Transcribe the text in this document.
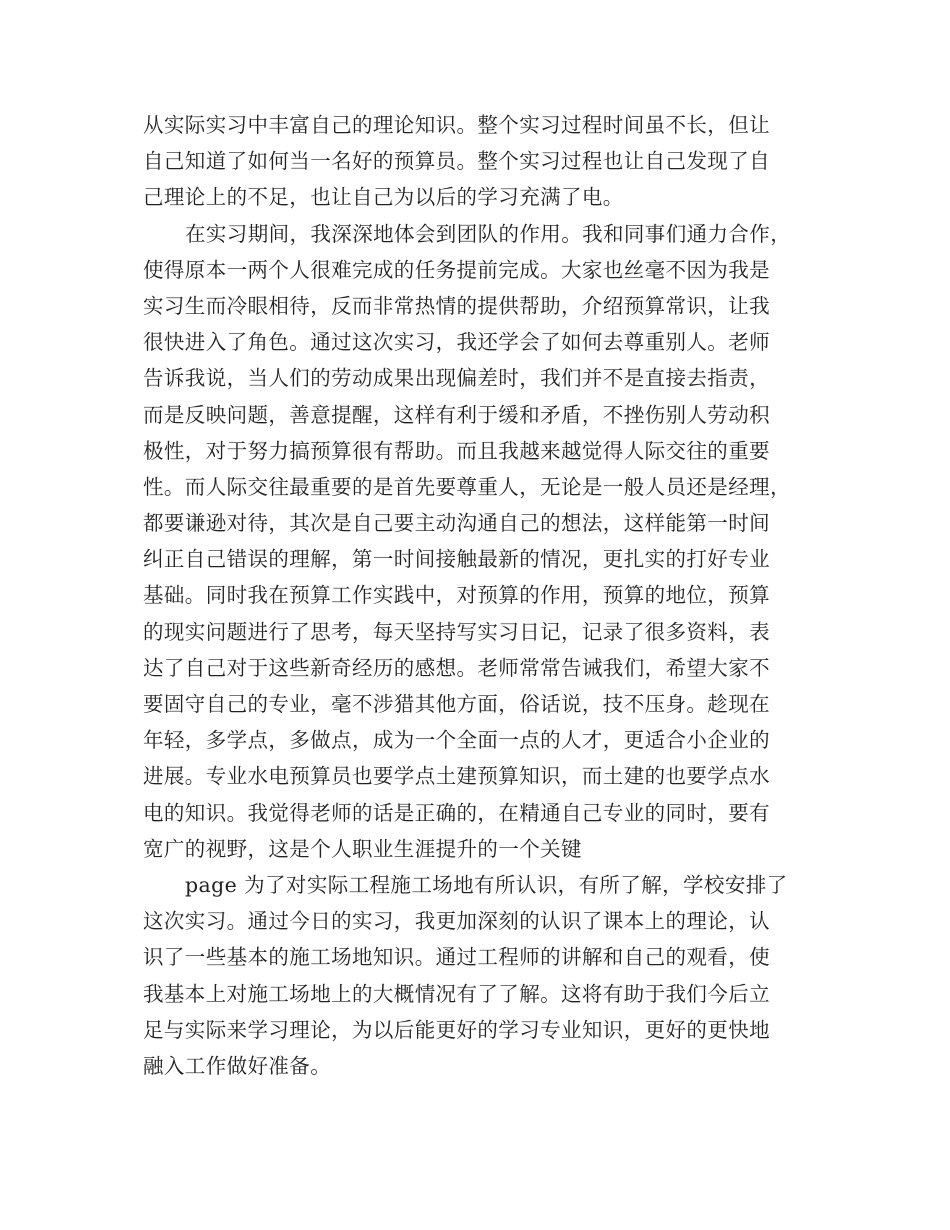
从实际实习中丰富自己的理论知识。整个实习过程时间虽不长，但让
自己知道了如何当一名好的预算员。整个实习过程也让自己发现了自
己理论上的不足，也让自己为以后的学习充满了电。
在实习期间，我深深地体会到团队的作用。我和同事们通力合作，
使得原本一两个人很难完成的任务提前完成。大家也丝毫不因为我是
实习生而冷眼相待，反而非常热情的提供帮助，介绍预算常识，让我
很快进入了角色。通过这次实习，我还学会了如何去尊重别人。老师
告诉我说，当人们的劳动成果出现偏差时，我们并不是直接去指责，
而是反映问题，善意提醒，这样有利于缓和矛盾，不挫伤别人劳动积
极性，对于努力搞预算很有帮助。而且我越来越觉得人际交往的重要
性。而人际交往最重要的是首先要尊重人，无论是一般人员还是经理，
都要谦逊对待，其次是自己要主动沟通自己的想法，这样能第一时间
纠正自己错误的理解，第一时间接触最新的情况，更扎实的打好专业
基础。同时我在预算工作实践中，对预算的作用，预算的地位，预算
的现实问题进行了思考，每天坚持写实习日记，记录了很多资料，表
达了自己对于这些新奇经历的感想。老师常常告诫我们，希望大家不
要固守自己的专业，毫不涉猎其他方面，俗话说，技不压身。趁现在
年轻，多学点，多做点，成为一个全面一点的人才，更适合小企业的
进展。专业水电预算员也要学点土建预算知识，而土建的也要学点水
电的知识。我觉得老师的话是正确的，在精通自己专业的同时，要有
宽广的视野，这是个人职业生涯提升的一个关键
page 为了对实际工程施工场地有所认识，有所了解，学校安排了
这次实习。通过今日的实习，我更加深刻的认识了课本上的理论，认
识了一些基本的施工场地知识。通过工程师的讲解和自己的观看，使
我基本上对施工场地上的大概情况有了了解。这将有助于我们今后立
足与实际来学习理论，为以后能更好的学习专业知识，更好的更快地
融入工作做好准备。
